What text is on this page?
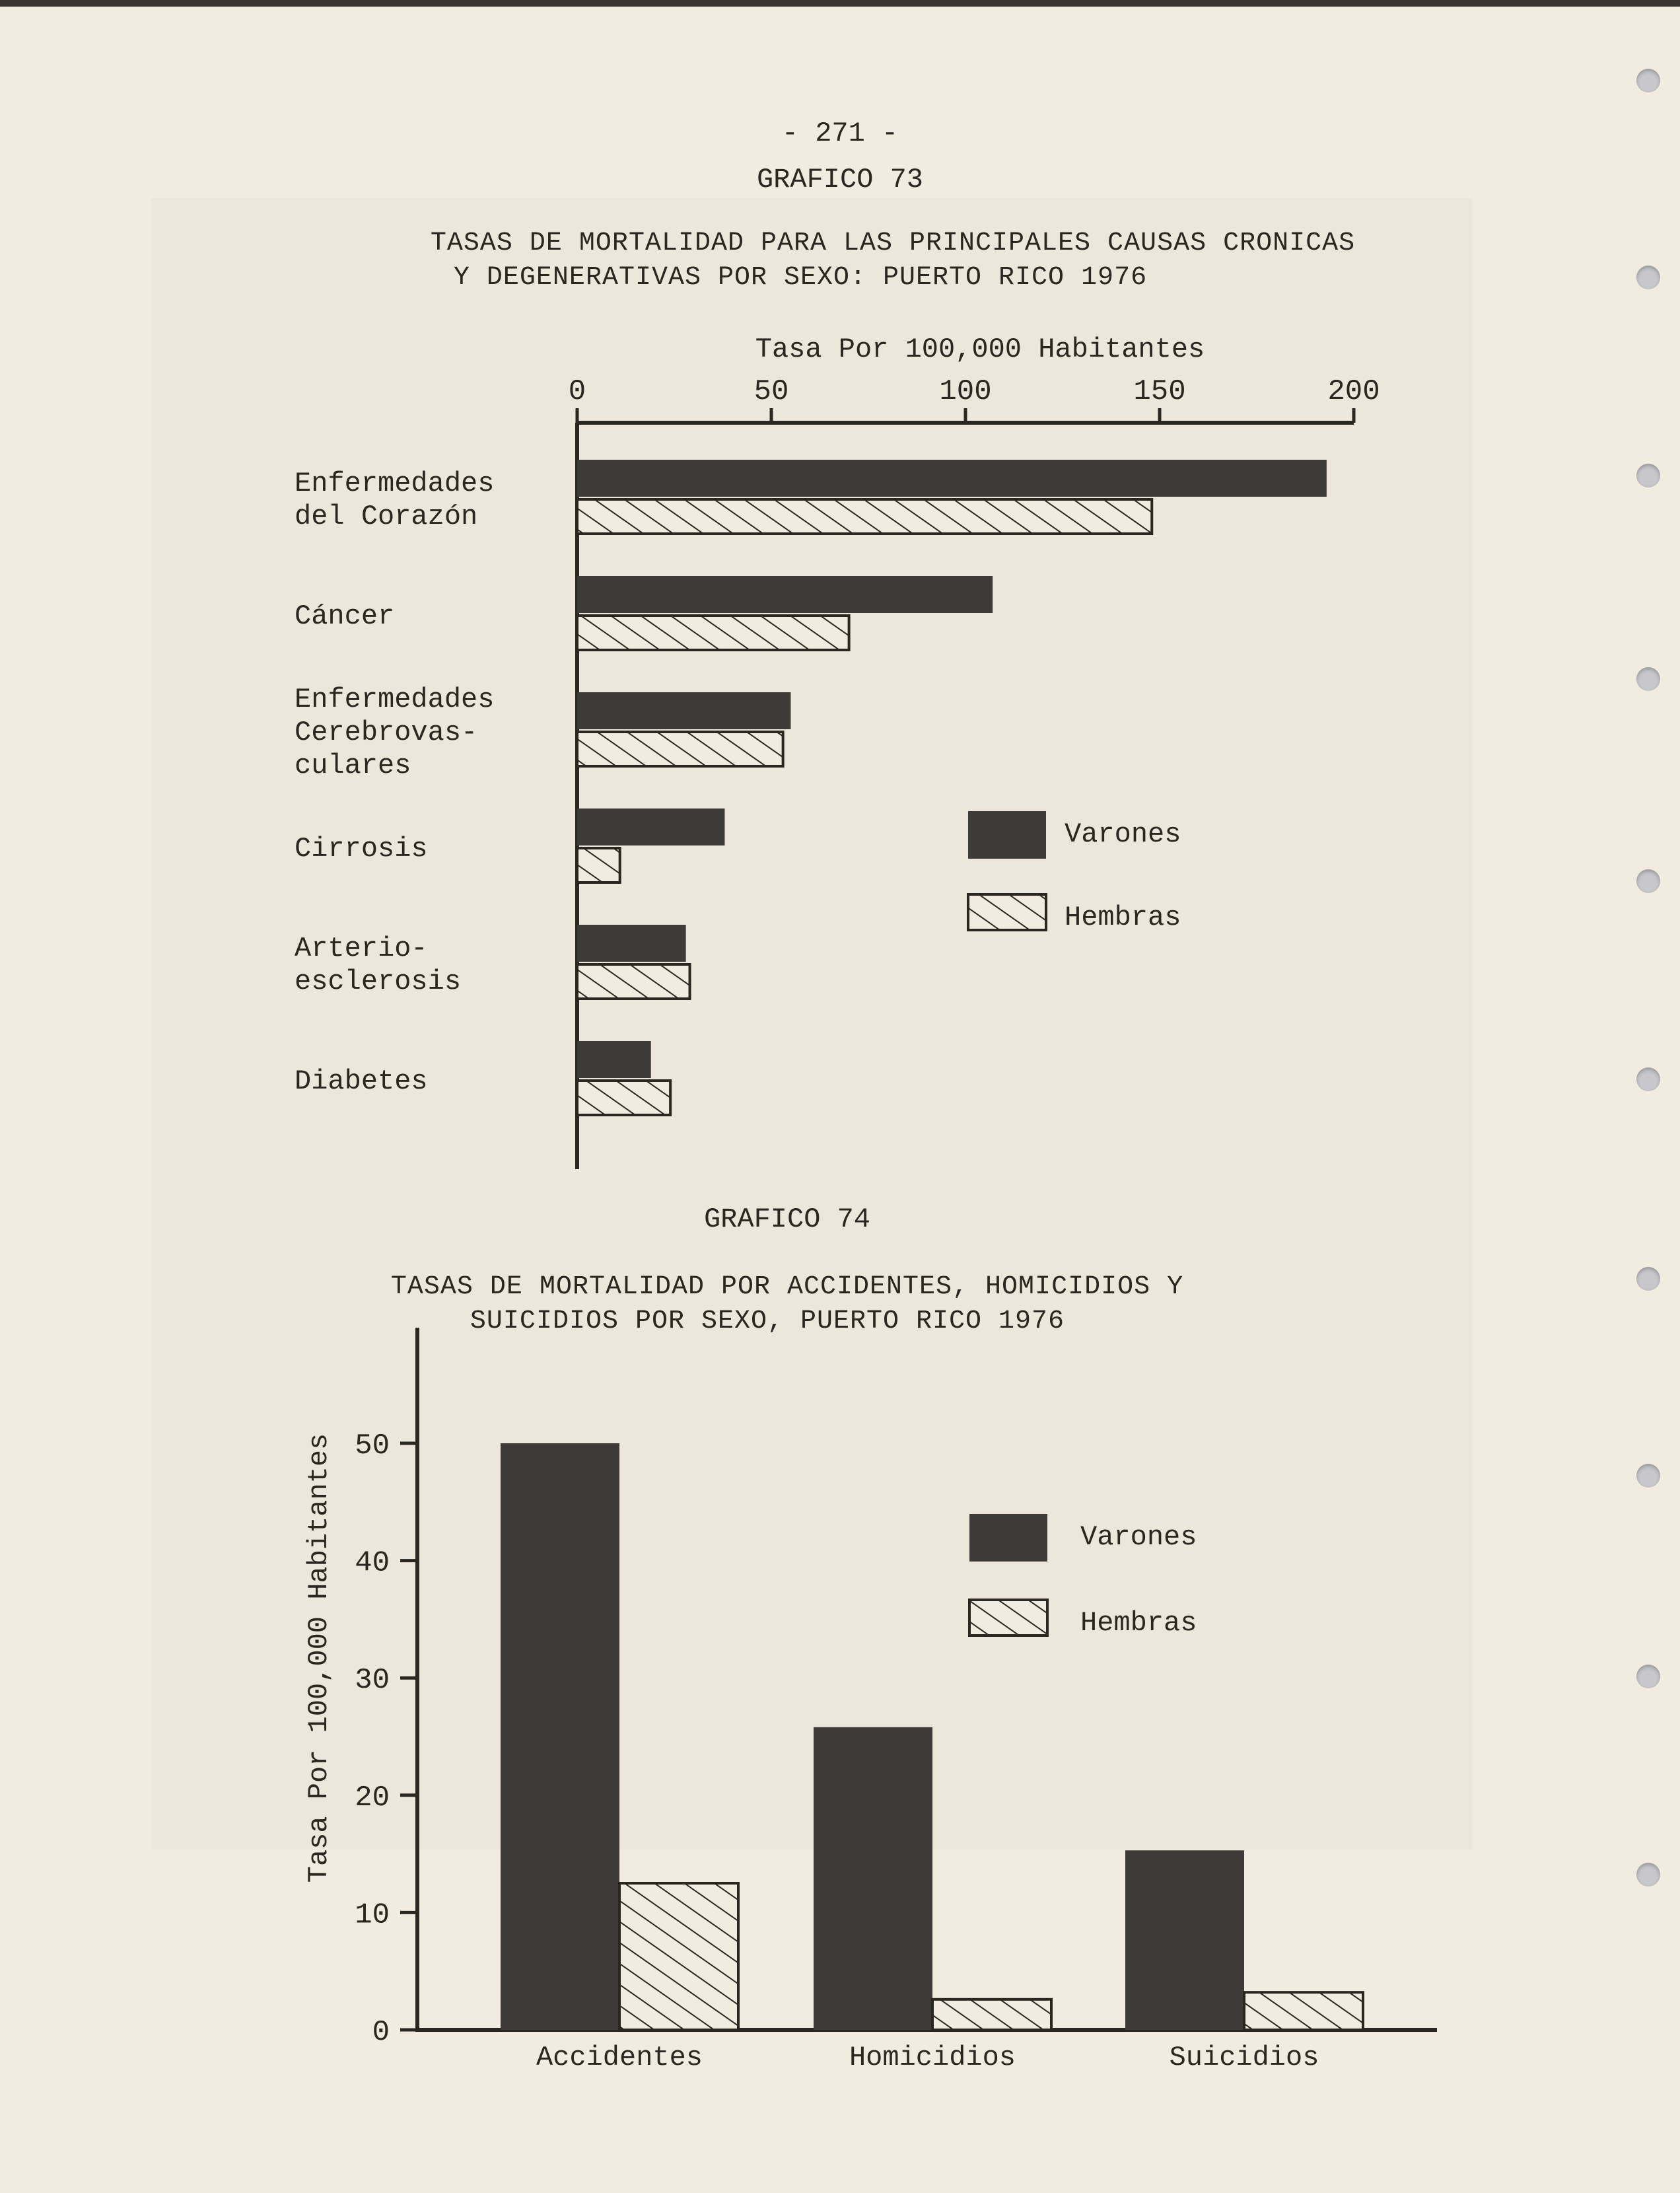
- 271 -
GRAFICO 73
TASAS DE MORTALIDAD PARA LAS PRINCIPALES CAUSAS CRONICAS
Y DEGENERATIVAS POR SEXO: PUERTO RICO 1976
GRAFICO 74
TASAS DE MORTALIDAD POR ACCIDENTES, HOMICIDIOS Y
SUICIDIOS POR SEXO, PUERTO RICO 1976
Tasa Por 100,000 Habitantes
0	50	100	150	200
Enfermedades
del Corazón
Cáncer
Enfermedades
Cerebrovas-
culares
Cirrosis
Arterio-
esclerosis
Diabetes
Varones
Hembras
Tasa Por 100,000 Habitantes
0
10
20
30
40
50
Accidentes	Homicidios	Suicidios
Varones
Hembras
